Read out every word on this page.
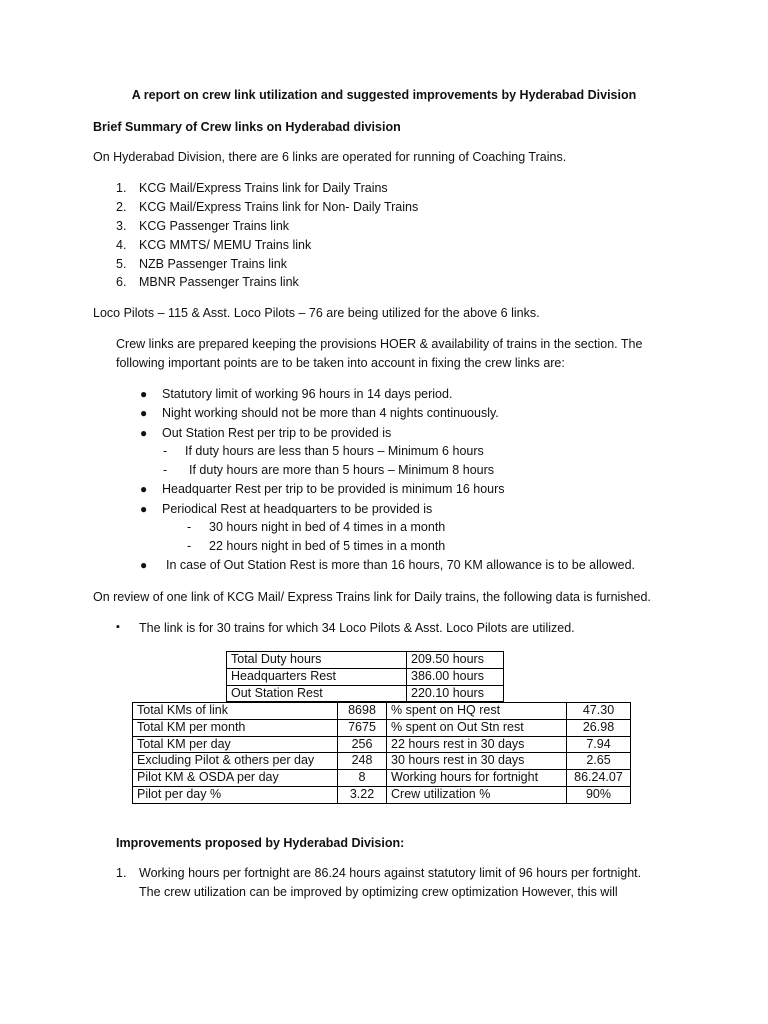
A report on crew link utilization and suggested improvements by Hyderabad Division
Brief Summary of Crew links on Hyderabad division
On Hyderabad Division, there are 6 links are operated for running of Coaching Trains.
1. KCG Mail/Express Trains link for Daily Trains
2. KCG Mail/Express Trains link for Non- Daily Trains
3. KCG Passenger Trains link
4. KCG MMTS/ MEMU Trains link
5. NZB Passenger Trains link
6. MBNR Passenger Trains link
Loco Pilots – 115 & Asst. Loco Pilots – 76 are being utilized for the above 6 links.
Crew links are prepared keeping the provisions HOER & availability of trains in the section. The
following important points are to be taken into account in fixing the crew links are:
● Statutory limit of working 96 hours in 14 days period.
● Night working should not be more than 4 nights continuously.
● Out Station Rest per trip to be provided is
- If duty hours are less than 5 hours – Minimum 6 hours
- If duty hours are more than 5 hours – Minimum 8 hours
● Headquarter Rest per trip to be provided is minimum 16 hours
● Periodical Rest at headquarters to be provided is
- 30 hours night in bed of 4 times in a month
- 22 hours night in bed of 5 times in a month
● In case of Out Station Rest is more than 16 hours, 70 KM allowance is to be allowed.
On review of one link of KCG Mail/ Express Trains link for Daily trains, the following data is furnished.
▪ The link is for 30 trains for which 34 Loco Pilots & Asst. Loco Pilots are utilized.
Total Duty hours	209.50 hours
Headquarters Rest	386.00 hours
Out Station Rest	220.10 hours
Total KMs of link	8698	% spent on HQ rest	47.30
Total KM per month	7675	% spent on Out Stn rest	26.98
Total KM per day	256	22 hours rest in 30 days	7.94
Excluding Pilot & others per day	248	30 hours rest in 30 days	2.65
Pilot KM & OSDA per day	8	Working hours for fortnight	86.24.07
Pilot per day %	3.22	Crew utilization %	90%
Improvements proposed by Hyderabad Division:
1. Working hours per fortnight are 86.24 hours against statutory limit of 96 hours per fortnight.
The crew utilization can be improved by optimizing crew optimization However, this will
